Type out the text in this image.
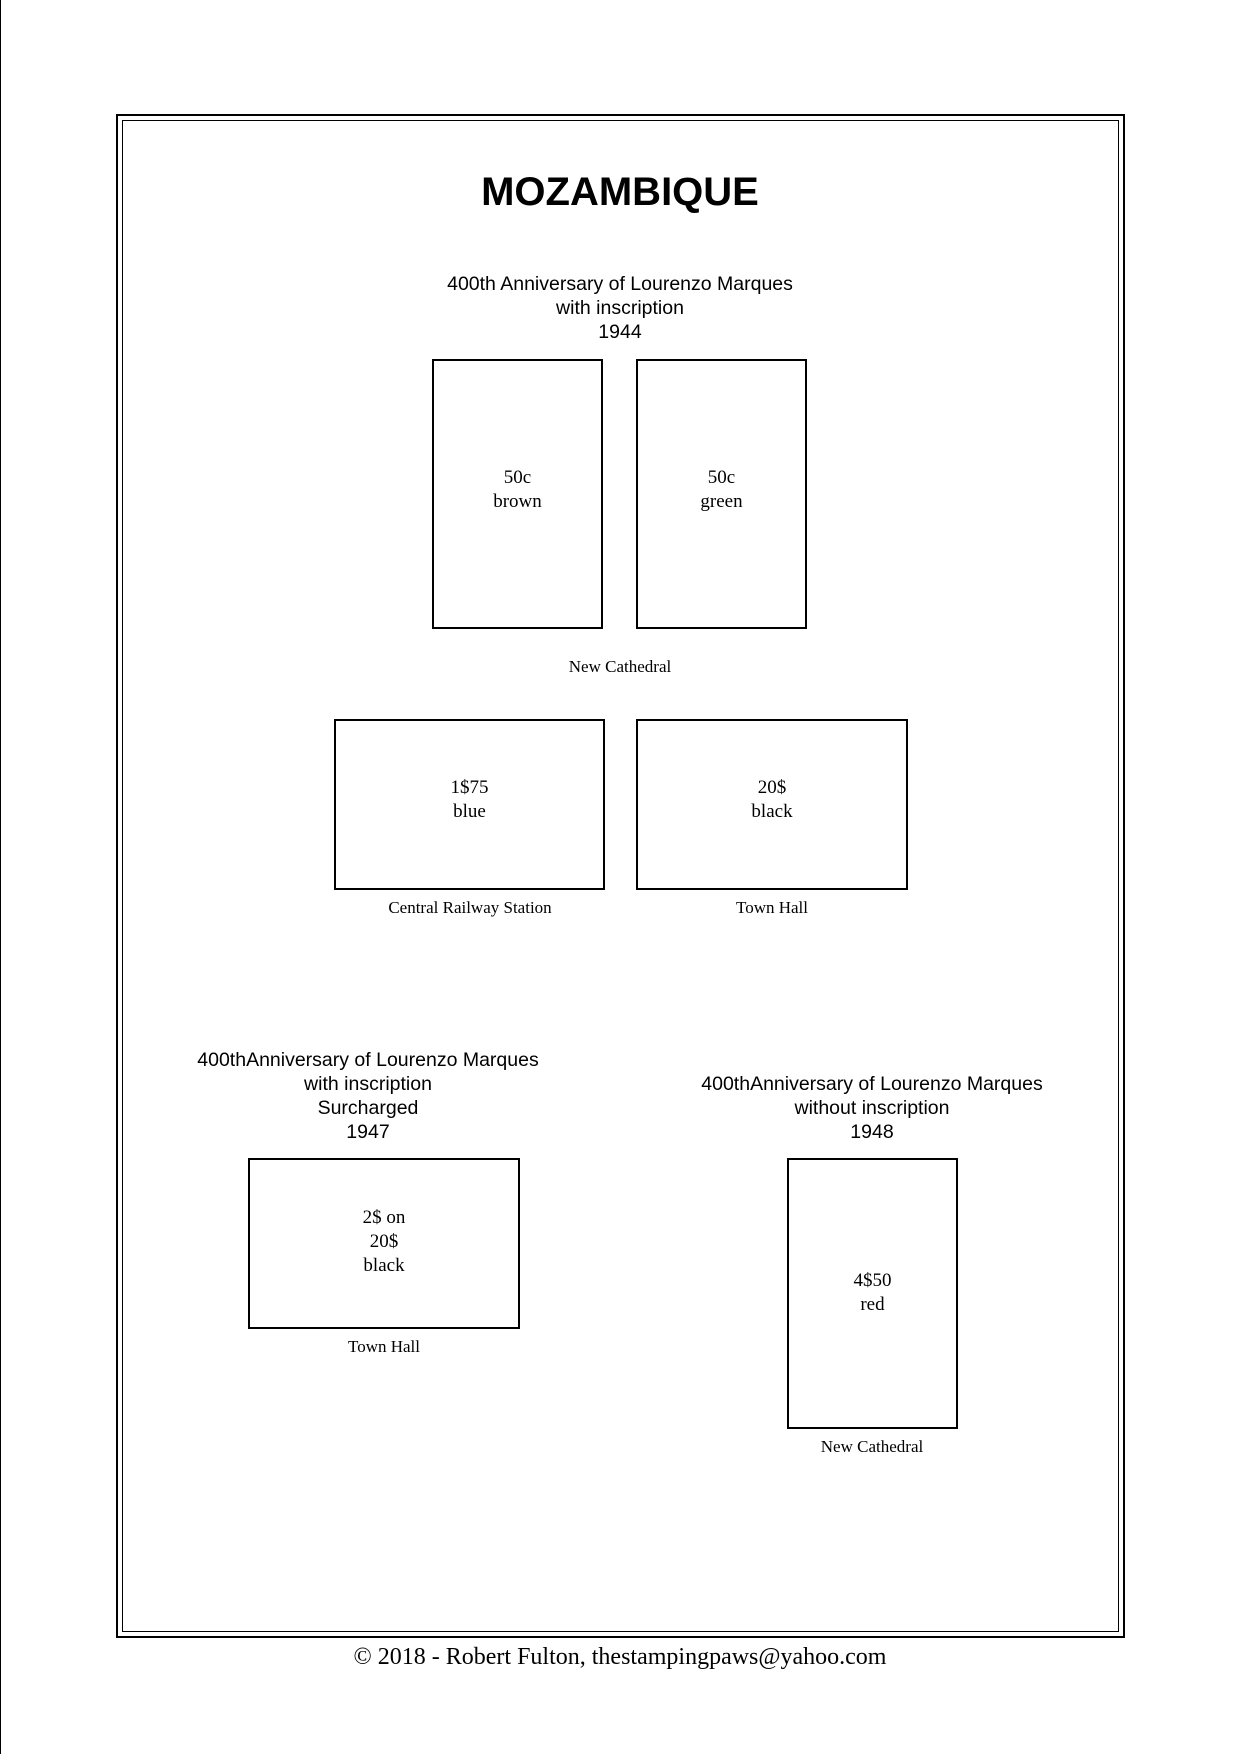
MOZAMBIQUE
400th Anniversary of Lourenzo Marques
with inscription
1944
50c
brown
50c
green
New Cathedral
1$75
blue
20$
black
Central Railway Station	Town Hall
400thAnniversary of Lourenzo Marques
with inscription
Surcharged
1947
2$ on
20$
black
Town Hall
400thAnniversary of Lourenzo Marques
without inscription
1948
4$50
red
New Cathedral
© 2018 - Robert Fulton, thestampingpaws@yahoo.com
